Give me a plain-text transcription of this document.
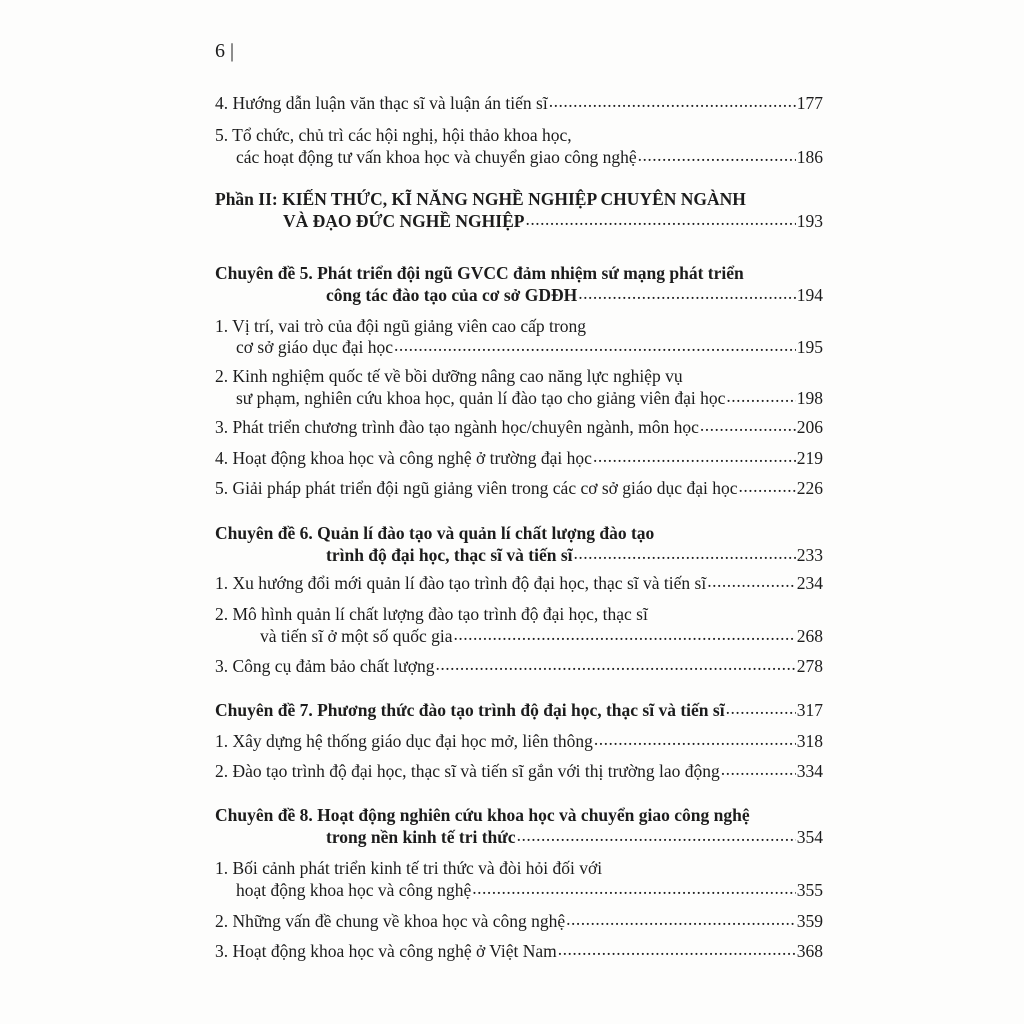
6 |
4. Hướng dẫn luận văn thạc sĩ và luận án tiến sĩ .....	177
5. Tổ chức, chủ trì các hội nghị, hội thảo khoa học,
các hoạt động tư vấn khoa học và chuyển giao công nghệ .....	186
Phần II: KIẾN THỨC, KĨ NĂNG NGHỀ NGHIỆP CHUYÊN NGÀNH
VÀ ĐẠO ĐỨC NGHỀ NGHIỆP .....	193
Chuyên đề 5. Phát triển đội ngũ GVCC đảm nhiệm sứ mạng phát triển
công tác đào tạo của cơ sở GDĐH .....	194
1. Vị trí, vai trò của đội ngũ giảng viên cao cấp trong
cơ sở giáo dục đại học .....	195
2. Kinh nghiệm quốc tế về bồi dưỡng nâng cao năng lực nghiệp vụ
sư phạm, nghiên cứu khoa học, quản lí đào tạo cho giảng viên đại học .....	198
3. Phát triển chương trình đào tạo ngành học/chuyên ngành, môn học .....	206
4. Hoạt động khoa học và công nghệ ở trường đại học .....	219
5. Giải pháp phát triển đội ngũ giảng viên trong các cơ sở giáo dục đại học .....	226
Chuyên đề 6. Quản lí đào tạo và quản lí chất lượng đào tạo
trình độ đại học, thạc sĩ và tiến sĩ .....	233
1. Xu hướng đổi mới quản lí đào tạo trình độ đại học, thạc sĩ và tiến sĩ .....	234
2. Mô hình quản lí chất lượng đào tạo trình độ đại học, thạc sĩ
và tiến sĩ ở một số quốc gia .....	268
3. Công cụ đảm bảo chất lượng .....	278
Chuyên đề 7. Phương thức đào tạo trình độ đại học, thạc sĩ và tiến sĩ .....	317
1. Xây dựng hệ thống giáo dục đại học mở, liên thông .....	318
2. Đào tạo trình độ đại học, thạc sĩ và tiến sĩ gắn với thị trường lao động .....	334
Chuyên đề 8. Hoạt động nghiên cứu khoa học và chuyển giao công nghệ
trong nền kinh tế tri thức .....	354
1. Bối cảnh phát triển kinh tế tri thức và đòi hỏi đối với
hoạt động khoa học và công nghệ .....	355
2. Những vấn đề chung về khoa học và công nghệ .....	359
3. Hoạt động khoa học và công nghệ ở Việt Nam .....	368
